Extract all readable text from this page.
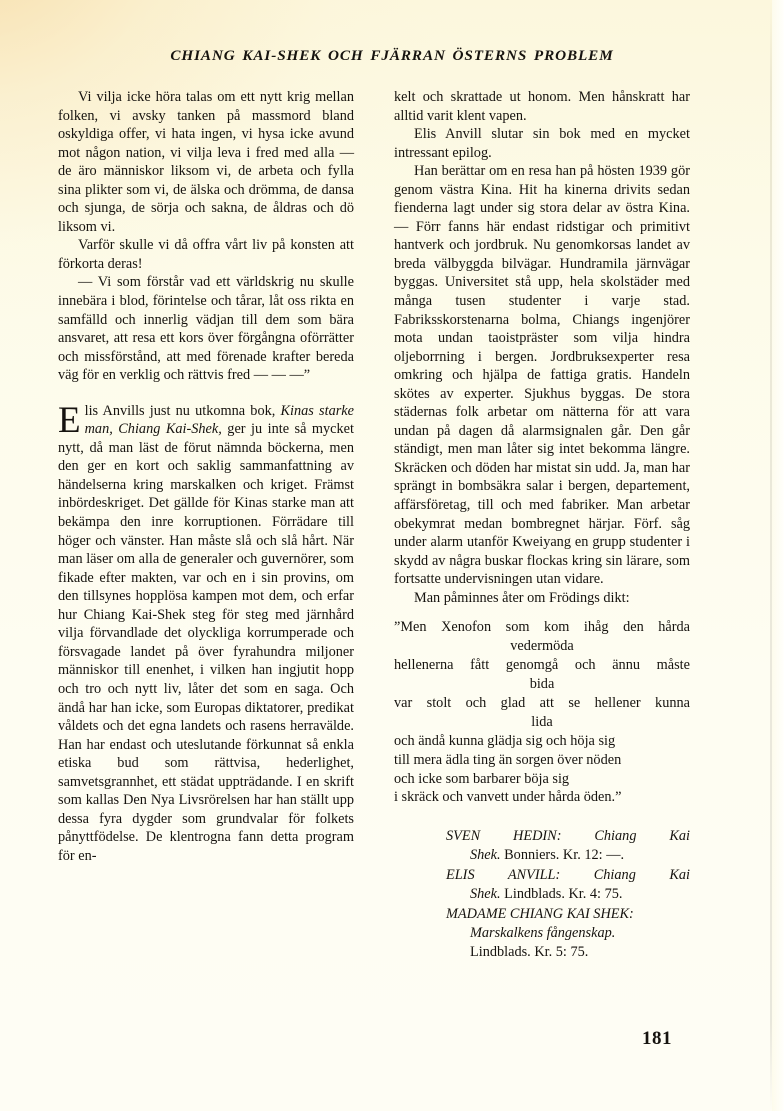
CHIANG KAI-SHEK OCH FJÄRRAN ÖSTERNS PROBLEM

Vi vilja icke höra talas om ett nytt krig mellan folken, vi avsky tanken på massmord bland oskyldiga offer, vi hata ingen, vi hysa icke avund mot någon nation, vi vilja leva i fred med alla — de äro människor liksom vi, de arbeta och fylla sina plikter som vi, de älska och drömma, de dansa och sjunga, de sörja och sakna, de åldras och dö liksom vi.

Varför skulle vi då offra vårt liv på konsten att förkorta deras!

— Vi som förstår vad ett världskrig nu skulle innebära i blod, förintelse och tårar, låt oss rikta en samfälld och innerlig vädjan till dem som bära ansvaret, att resa ett kors över förgångna oförrätter och missförstånd, att med förenade krafter bereda väg för en verklig och rättvis fred — — —”

Elis Anvills just nu utkomna bok, Kinas starke man, Chiang Kai-Shek, ger ju inte så mycket nytt, då man läst de förut nämnda böckerna, men den ger en kort och saklig sammanfattning av händelserna kring marskalken och kriget. Främst inbördeskriget. Det gällde för Kinas starke man att bekämpa den inre korruptionen. Förrädare till höger och vänster. Han måste slå och slå hårt. När man läser om alla de generaler och guvernörer, som fikade efter makten, var och en i sin provins, om den tillsynes hopplösa kampen mot dem, och erfar hur Chiang Kai-Shek steg för steg med järnhård vilja förvandlade det olyckliga korrumperade och försvagade landet på över fyrahundra miljoner människor till enenhet, i vilken han ingjutit hopp och tro och nytt liv, låter det som en saga. Och ändå har han icke, som Europas diktatorer, predikat våldets och det egna landets och rasens herravälde. Han har endast och uteslutande förkunnat så enkla etiska bud som rättvisa, hederlighet, samvetsgrannhet, ett städat uppträdande. I en skrift som kallas Den Nya Livsrörelsen har han ställt upp dessa fyra dygder som grundvalar för folkets pånyttfödelse. De klentrogna fann detta program för en-

kelt och skrattade ut honom. Men hånskratt har alltid varit klent vapen.

Elis Anvill slutar sin bok med en mycket intressant epilog.

Han berättar om en resa han på hösten 1939 gör genom västra Kina. Hit ha kinerna drivits sedan fienderna lagt under sig stora delar av östra Kina. — Förr fanns här endast ridstigar och primitivt hantverk och jordbruk. Nu genomkorsas landet av breda välbyggda bilvägar. Hundramila järnvägar byggas. Universitet stå upp, hela skolstäder med många tusen studenter i varje stad. Fabriksskorstenarna bolma, Chiangs ingenjörer mota undan taoistpräster som vilja hindra oljeborrning i bergen. Jordbruksexperter resa omkring och hjälpa de fattiga gratis. Handeln skötes av experter. Sjukhus byggas. De stora städernas folk arbetar om nätterna för att vara undan på dagen då alarmsignalen går. Den går ständigt, men man låter sig intet bekomma längre. Skräcken och döden har mistat sin udd. Ja, man har sprängt in bombsäkra salar i bergen, departement, affärsföretag, till och med fabriker. Man arbetar obekymrat medan bombregnet härjar. Förf. såg under alarm utanför Kweiyang en grupp studenter i skydd av några buskar flockas kring sin lärare, som fortsatte undervisningen utan vidare.

Man påminnes åter om Frödings dikt:

”Men Xenofon som kom ihåg den hårda
vedermöda
hellenerna fått genomgå och ännu måste
bida
var stolt och glad att se hellener kunna
lida
och ändå kunna glädja sig och höja sig
till mera ädla ting än sorgen över nöden
och icke som barbarer böja sig
i skräck och vanvett under hårda öden.”
SVEN HEDIN: Chiang Kai
Shek. Bonniers. Kr. 12: —.
ELIS ANVILL: Chiang Kai
Shek. Lindblads. Kr. 4: 75.
MADAME CHIANG KAI SHEK:
Marskalkens fångenskap.
Lindblads. Kr. 5: 75.
181
